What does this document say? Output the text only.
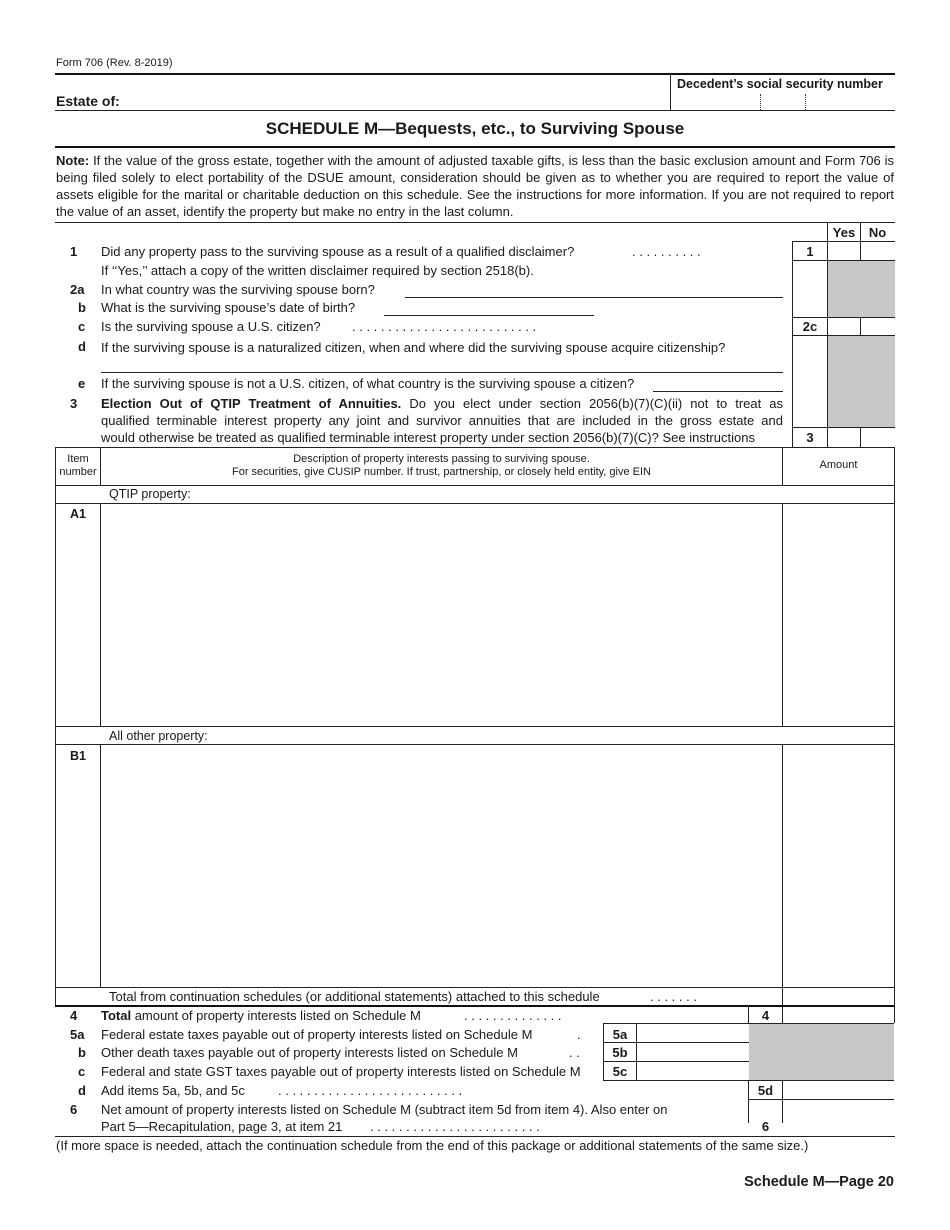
Form 706 (Rev. 8-2019)
Decedent’s social security number
Estate of:
SCHEDULE M—Bequests, etc., to Surviving Spouse
Note: If the value of the gross estate, together with the amount of adjusted taxable gifts, is less than the basic exclusion amount and Form 706 is being filed solely to elect portability of the DSUE amount, consideration should be given as to whether you are required to report the value of assets eligible for the marital or charitable deduction on this schedule. See the instructions for more information. If you are not required to report the value of an asset, identify the property but make no entry in the last column.
Yes	No
1 Did any property pass to the surviving spouse as a result of a qualified disclaimer?	. . . . . . . . . .	1
If ‘‘Yes,’’ attach a copy of the written disclaimer required by section 2518(b).
2a In what country was the surviving spouse born?
b What is the surviving spouse’s date of birth?
c Is the surviving spouse a U.S. citizen? . . . . . . . . . . . . . . . . . . . . . . . . . .	2c
d If the surviving spouse is a naturalized citizen, when and where did the surviving spouse acquire citizenship?
e If the surviving spouse is not a U.S. citizen, of what country is the surviving spouse a citizen?
3 Election Out of QTIP Treatment of Annuities. Do you elect under section 2056(b)(7)(C)(ii) not to treat as
qualified terminable interest property any joint and survivor annuities that are included in the gross estate and
would otherwise be treated as qualified terminable interest property under section 2056(b)(7)(C)? See instructions	3
Item
number
Description of property interests passing to surviving spouse.
For securities, give CUSIP number. If trust, partnership, or closely held entity, give EIN
Amount
QTIP property:
A1
All other property:
B1
Total from continuation schedules (or additional statements) attached to this schedule	. . . . . . .
4 Total amount of property interests listed on Schedule M	. . . . . . . . . . . . . .	4
5a Federal estate taxes payable out of property interests listed on Schedule M	.	5a
b Other death taxes payable out of property interests listed on Schedule M	. .	5b
c Federal and state GST taxes payable out of property interests listed on Schedule M	5c
d Add items 5a, 5b, and 5c	. . . . . . . . . . . . . . . . . . . . . . . . . .	5d
6 Net amount of property interests listed on Schedule M (subtract item 5d from item 4). Also enter on
Part 5—Recapitulation, page 3, at item 21 . . . . . . . . . . . . . . . . . . . . . . . .	6
(If more space is needed, attach the continuation schedule from the end of this package or additional statements of the same size.)
Schedule M—Page 20
